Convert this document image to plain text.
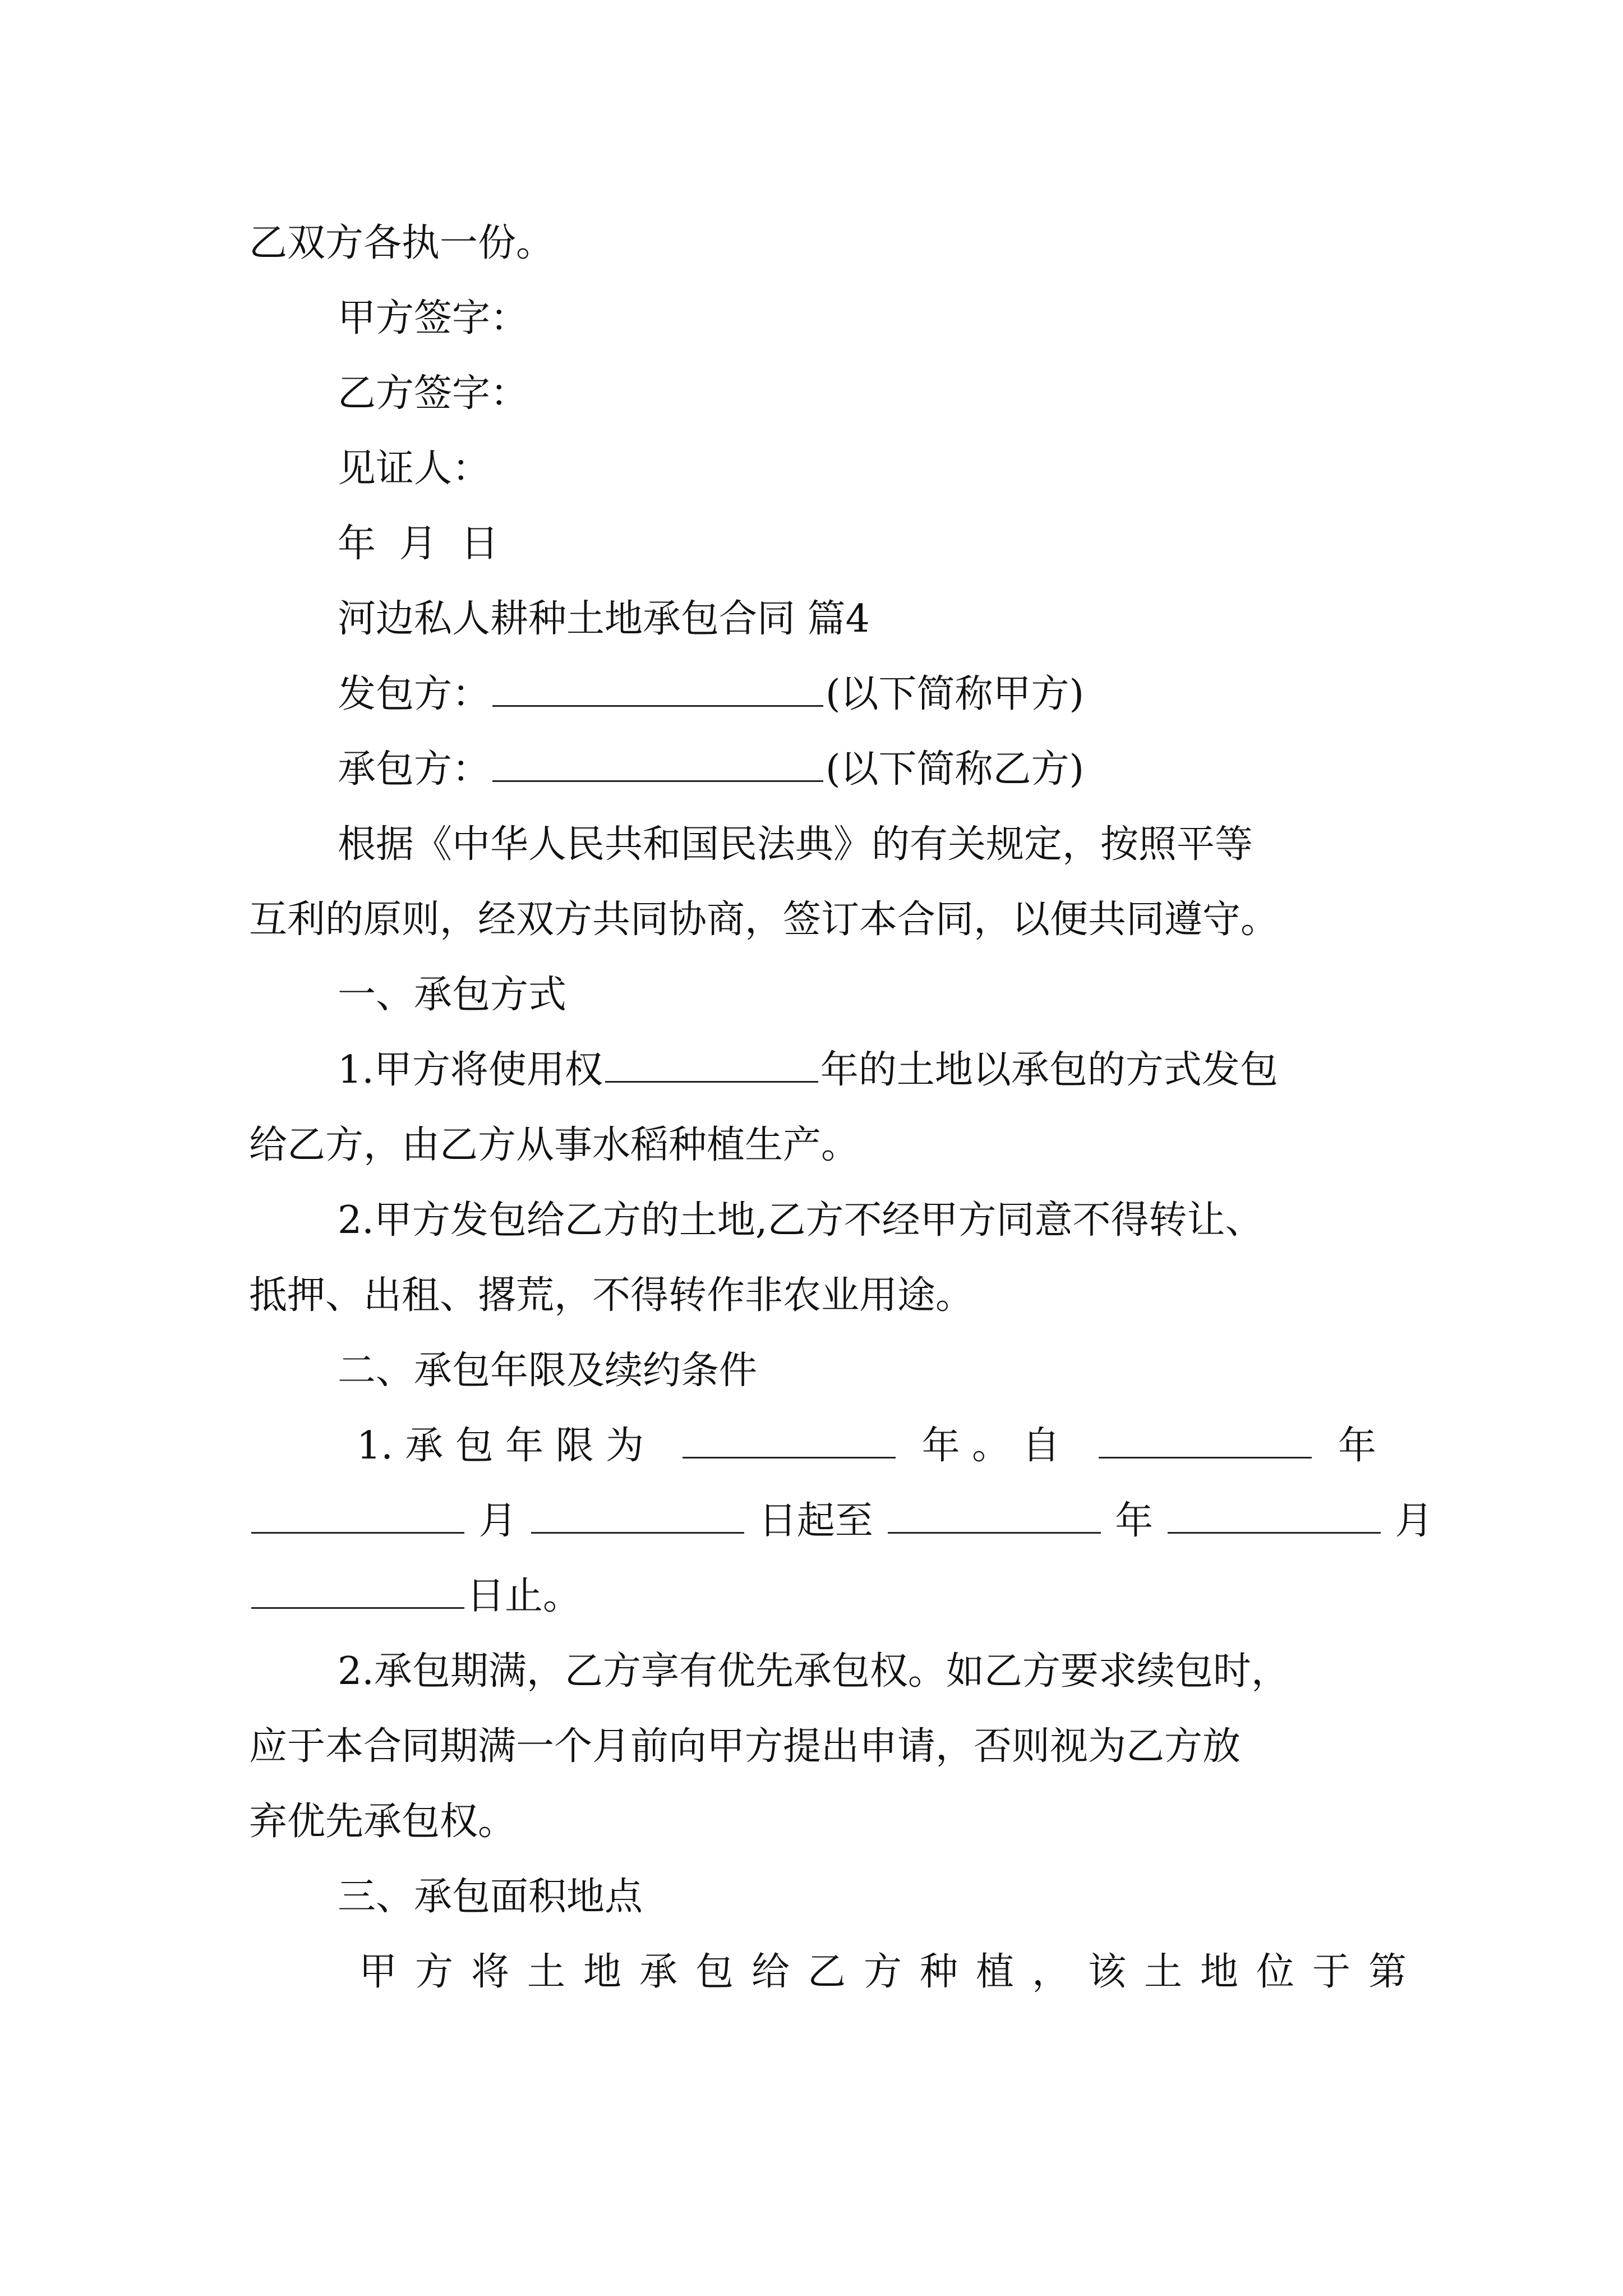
乙双方各执一份。
甲方签字：
乙方签字：
见证人：
年 月 日
河边私人耕种土地承包合同 篇4
发包方：	(以下简称甲方)
承包方：	(以下简称乙方)
根据《中华人民共和国民法典》的有关规定，按照平等
互利的原则，经双方共同协商，签订本合同，以便共同遵守。
一、承包方式
1.甲方将使用权	年的土地以承包的方式发包
给乙方，由乙方从事水稻种植生产。
2.甲方发包给乙方的土地,乙方不经甲方同意不得转让、
抵押、出租、撂荒，不得转作非农业用途。
二、承包年限及续约条件
1.承包年限为	年。自	年
月	日起至	年	月
日止。
2.承包期满，乙方享有优先承包权。如乙方要求续包时，
应于本合同期满一个月前向甲方提出申请，否则视为乙方放
弃优先承包权。
三、承包面积地点
甲方将土地承包给乙方种植，该土地位于第
